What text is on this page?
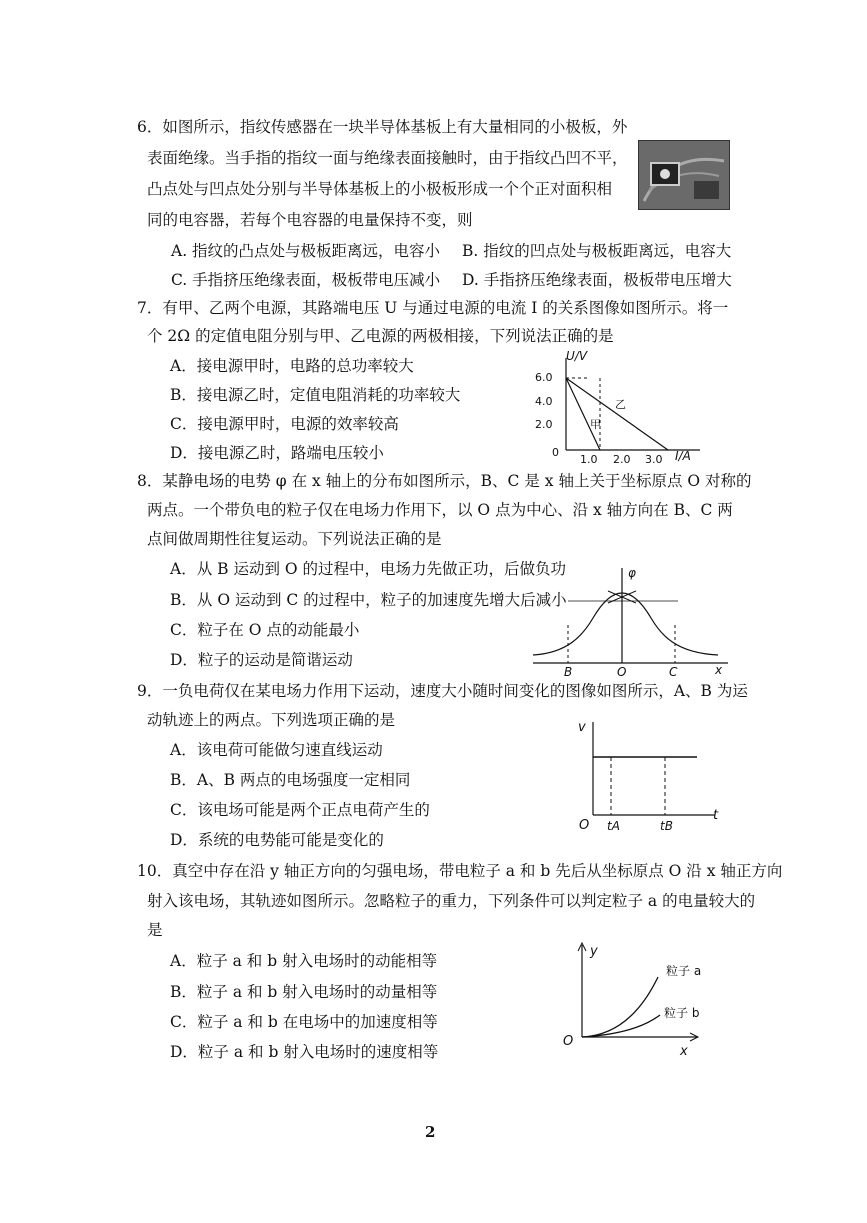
6．如图所示，指纹传感器在一块半导体基板上有大量相同的小极板，外
表面绝缘。当手指的指纹一面与绝缘表面接触时，由于指纹凸凹不平，
凸点处与凹点处分别与半导体基板上的小极板形成一个个正对面积相
同的电容器，若每个电容器的电量保持不变，则
A. 指纹的凸点处与极板距离远，电容小 B. 指纹的凹点处与极板距离远，电容大
C. 手指挤压绝缘表面，极板带电压减小 D. 手指挤压绝缘表面，极板带电压增大
7．有甲、乙两个电源，其路端电压 U 与通过电源的电流 I 的关系图像如图所示。将一
个 2Ω 的定值电阻分别与甲、乙电源的两极相接，下列说法正确的是
A．接电源甲时，电路的总功率较大
B．接电源乙时，定值电阻消耗的功率较大
C．接电源甲时，电源的效率较高
D．接电源乙时，路端电压较小
U/V
I/A
0
6.0
4.0
2.0
1.0 2.0 3.0
甲
乙
8．某静电场的电势 φ 在 x 轴上的分布如图所示，B、C 是 x 轴上关于坐标原点 O 对称的
两点。一个带负电的粒子仅在电场力作用下，以 O 点为中心、沿 x 轴方向在 B、C 两
点间做周期性往复运动。下列说法正确的是
A．从 B 运动到 O 的过程中，电场力先做正功，后做负功
B．从 O 运动到 C 的过程中，粒子的加速度先增大后减小
C．粒子在 O 点的动能最小
D．粒子的运动是简谐运动
φ
x
B	O	C
9．一负电荷仅在某电场力作用下运动，速度大小随时间变化的图像如图所示，A、B 为运
动轨迹上的两点。下列选项正确的是
A．该电荷可能做匀速直线运动
B．A、B 两点的电场强度一定相同
C．该电场可能是两个正点电荷产生的
D．系统的电势能可能是变化的
v
t
O tA	tB
10．真空中存在沿 y 轴正方向的匀强电场，带电粒子 a 和 b 先后从坐标原点 O 沿 x 轴正方向
射入该电场，其轨迹如图所示。忽略粒子的重力，下列条件可以判定粒子 a 的电量较大的
是
A．粒子 a 和 b 射入电场时的动能相等
B．粒子 a 和 b 射入电场时的动量相等
C．粒子 a 和 b 在电场中的加速度相等
D．粒子 a 和 b 射入电场时的速度相等
y
x
O
粒子 a
粒子 b
2
